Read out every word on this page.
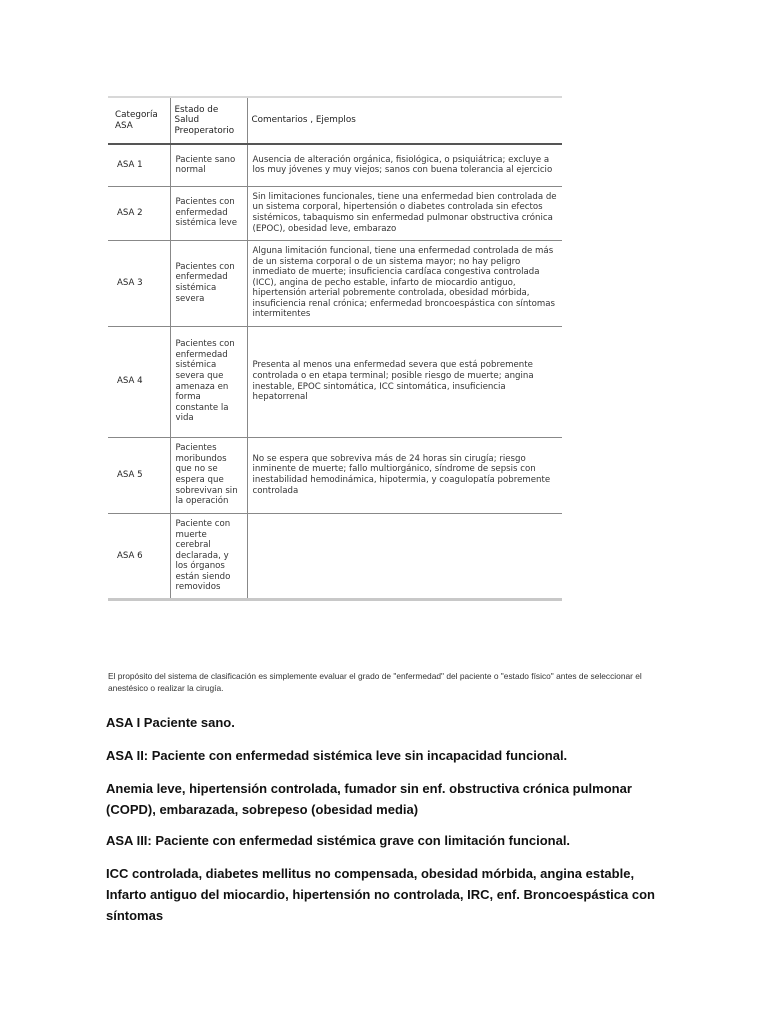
Categoría ASA	Estado de Salud Preoperatorio	Comentarios , Ejemplos
ASA 1	Paciente sano normal	Ausencia de alteración orgánica, fisiológica, o psiquiátrica; excluye a los muy jóvenes y muy viejos; sanos con buena tolerancia al ejercicio
ASA 2	Pacientes con enfermedad sistémica leve	Sin limitaciones funcionales, tiene una enfermedad bien controlada de un sistema corporal, hipertensión o diabetes controlada sin efectos sistémicos, tabaquismo sin enfermedad pulmonar obstructiva crónica (EPOC), obesidad leve, embarazo
ASA 3	Pacientes con enfermedad sistémica severa	Alguna limitación funcional, tiene una enfermedad controlada de más de un sistema corporal o de un sistema mayor; no hay peligro inmediato de muerte; insuficiencia cardíaca congestiva controlada (ICC), angina de pecho estable, infarto de miocardio antiguo, hipertensión arterial pobremente controlada, obesidad mórbida, insuficiencia renal crónica; enfermedad broncoespástica con síntomas intermitentes
ASA 4	Pacientes con enfermedad sistémica severa que amenaza en forma constante la vida	Presenta al menos una enfermedad severa que está pobremente controlada o en etapa terminal; posible riesgo de muerte; angina inestable, EPOC sintomática, ICC sintomática, insuficiencia hepatorrenal
ASA 5	Pacientes moribundos que no se espera que sobrevivan sin la operación	No se espera que sobreviva más de 24 horas sin cirugía; riesgo inminente de muerte; fallo multiorgánico, síndrome de sepsis con inestabilidad hemodinámica, hipotermia, y coagulopatía pobremente controlada
ASA 6	Paciente con muerte cerebral declarada, y los órganos están siendo removidos	
El propósito del sistema de clasificación es simplemente evaluar el grado de "enfermedad" del paciente o "estado físico" antes de seleccionar el anestésico o realizar la cirugía.
ASA I Paciente sano.
ASA II: Paciente con enfermedad sistémica leve sin incapacidad funcional.
Anemia leve, hipertensión controlada, fumador sin enf. obstructiva crónica pulmonar (COPD), embarazada, sobrepeso (obesidad media)
ASA III: Paciente con enfermedad sistémica grave con limitación funcional.
ICC controlada, diabetes mellitus no compensada, obesidad mórbida, angina estable, Infarto antiguo del miocardio, hipertensión no controlada, IRC, enf. Broncoespástica con síntomas
